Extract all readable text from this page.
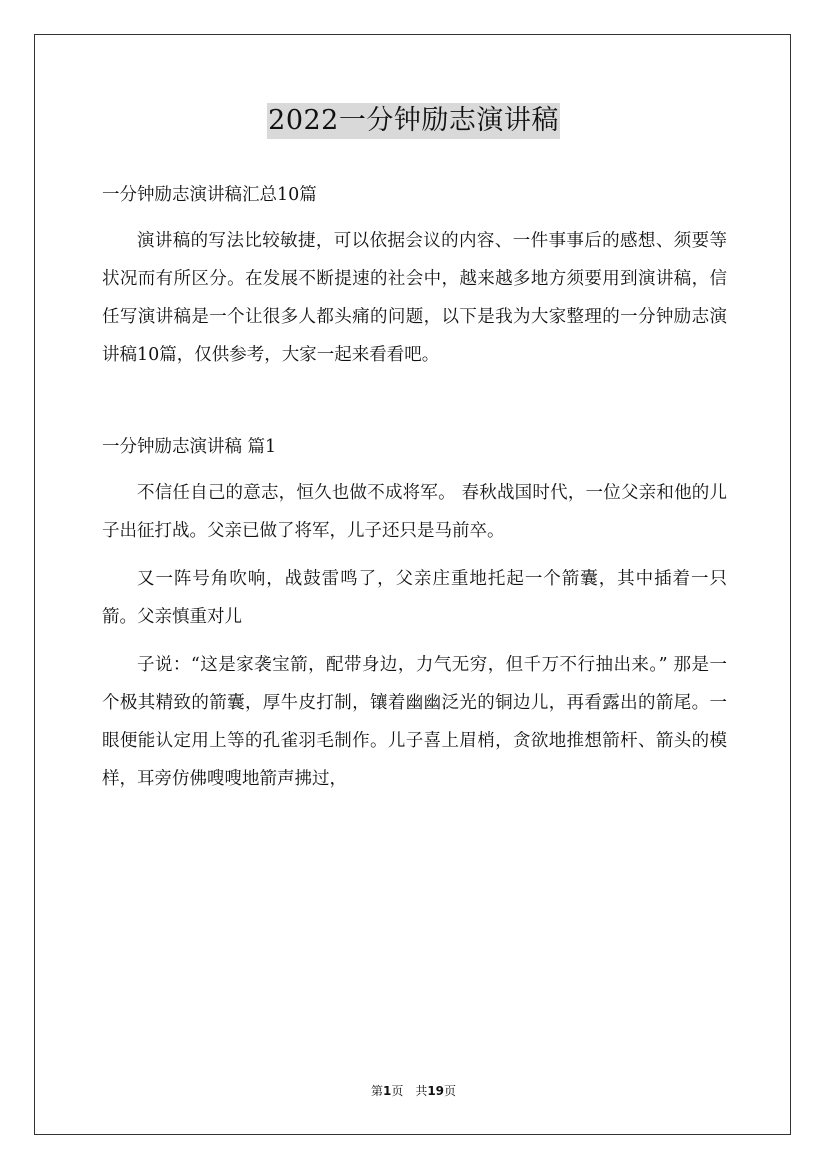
2022一分钟励志演讲稿

一分钟励志演讲稿汇总10篇

演讲稿的写法比较敏捷，可以依据会议的内容、一件事事后的感想、须要等状况而有所区分。在发展不断提速的社会中，越来越多地方须要用到演讲稿，信任写演讲稿是一个让很多人都头痛的问题，以下是我为大家整理的一分钟励志演讲稿10篇，仅供参考，大家一起来看看吧。

一分钟励志演讲稿 篇1

不信任自己的意志，恒久也做不成将军。 春秋战国时代，一位父亲和他的儿子出征打战。父亲已做了将军，儿子还只是马前卒。

又一阵号角吹响，战鼓雷鸣了，父亲庄重地托起一个箭囊，其中插着一只箭。父亲慎重对儿

子说：“这是家袭宝箭，配带身边，力气无穷，但千万不行抽出来。” 那是一个极其精致的箭囊，厚牛皮打制，镶着幽幽泛光的铜边儿，再看露出的箭尾。一眼便能认定用上等的孔雀羽毛制作。儿子喜上眉梢，贪欲地推想箭杆、箭头的模样，耳旁仿佛嗖嗖地箭声拂过，

第1页　共19页
